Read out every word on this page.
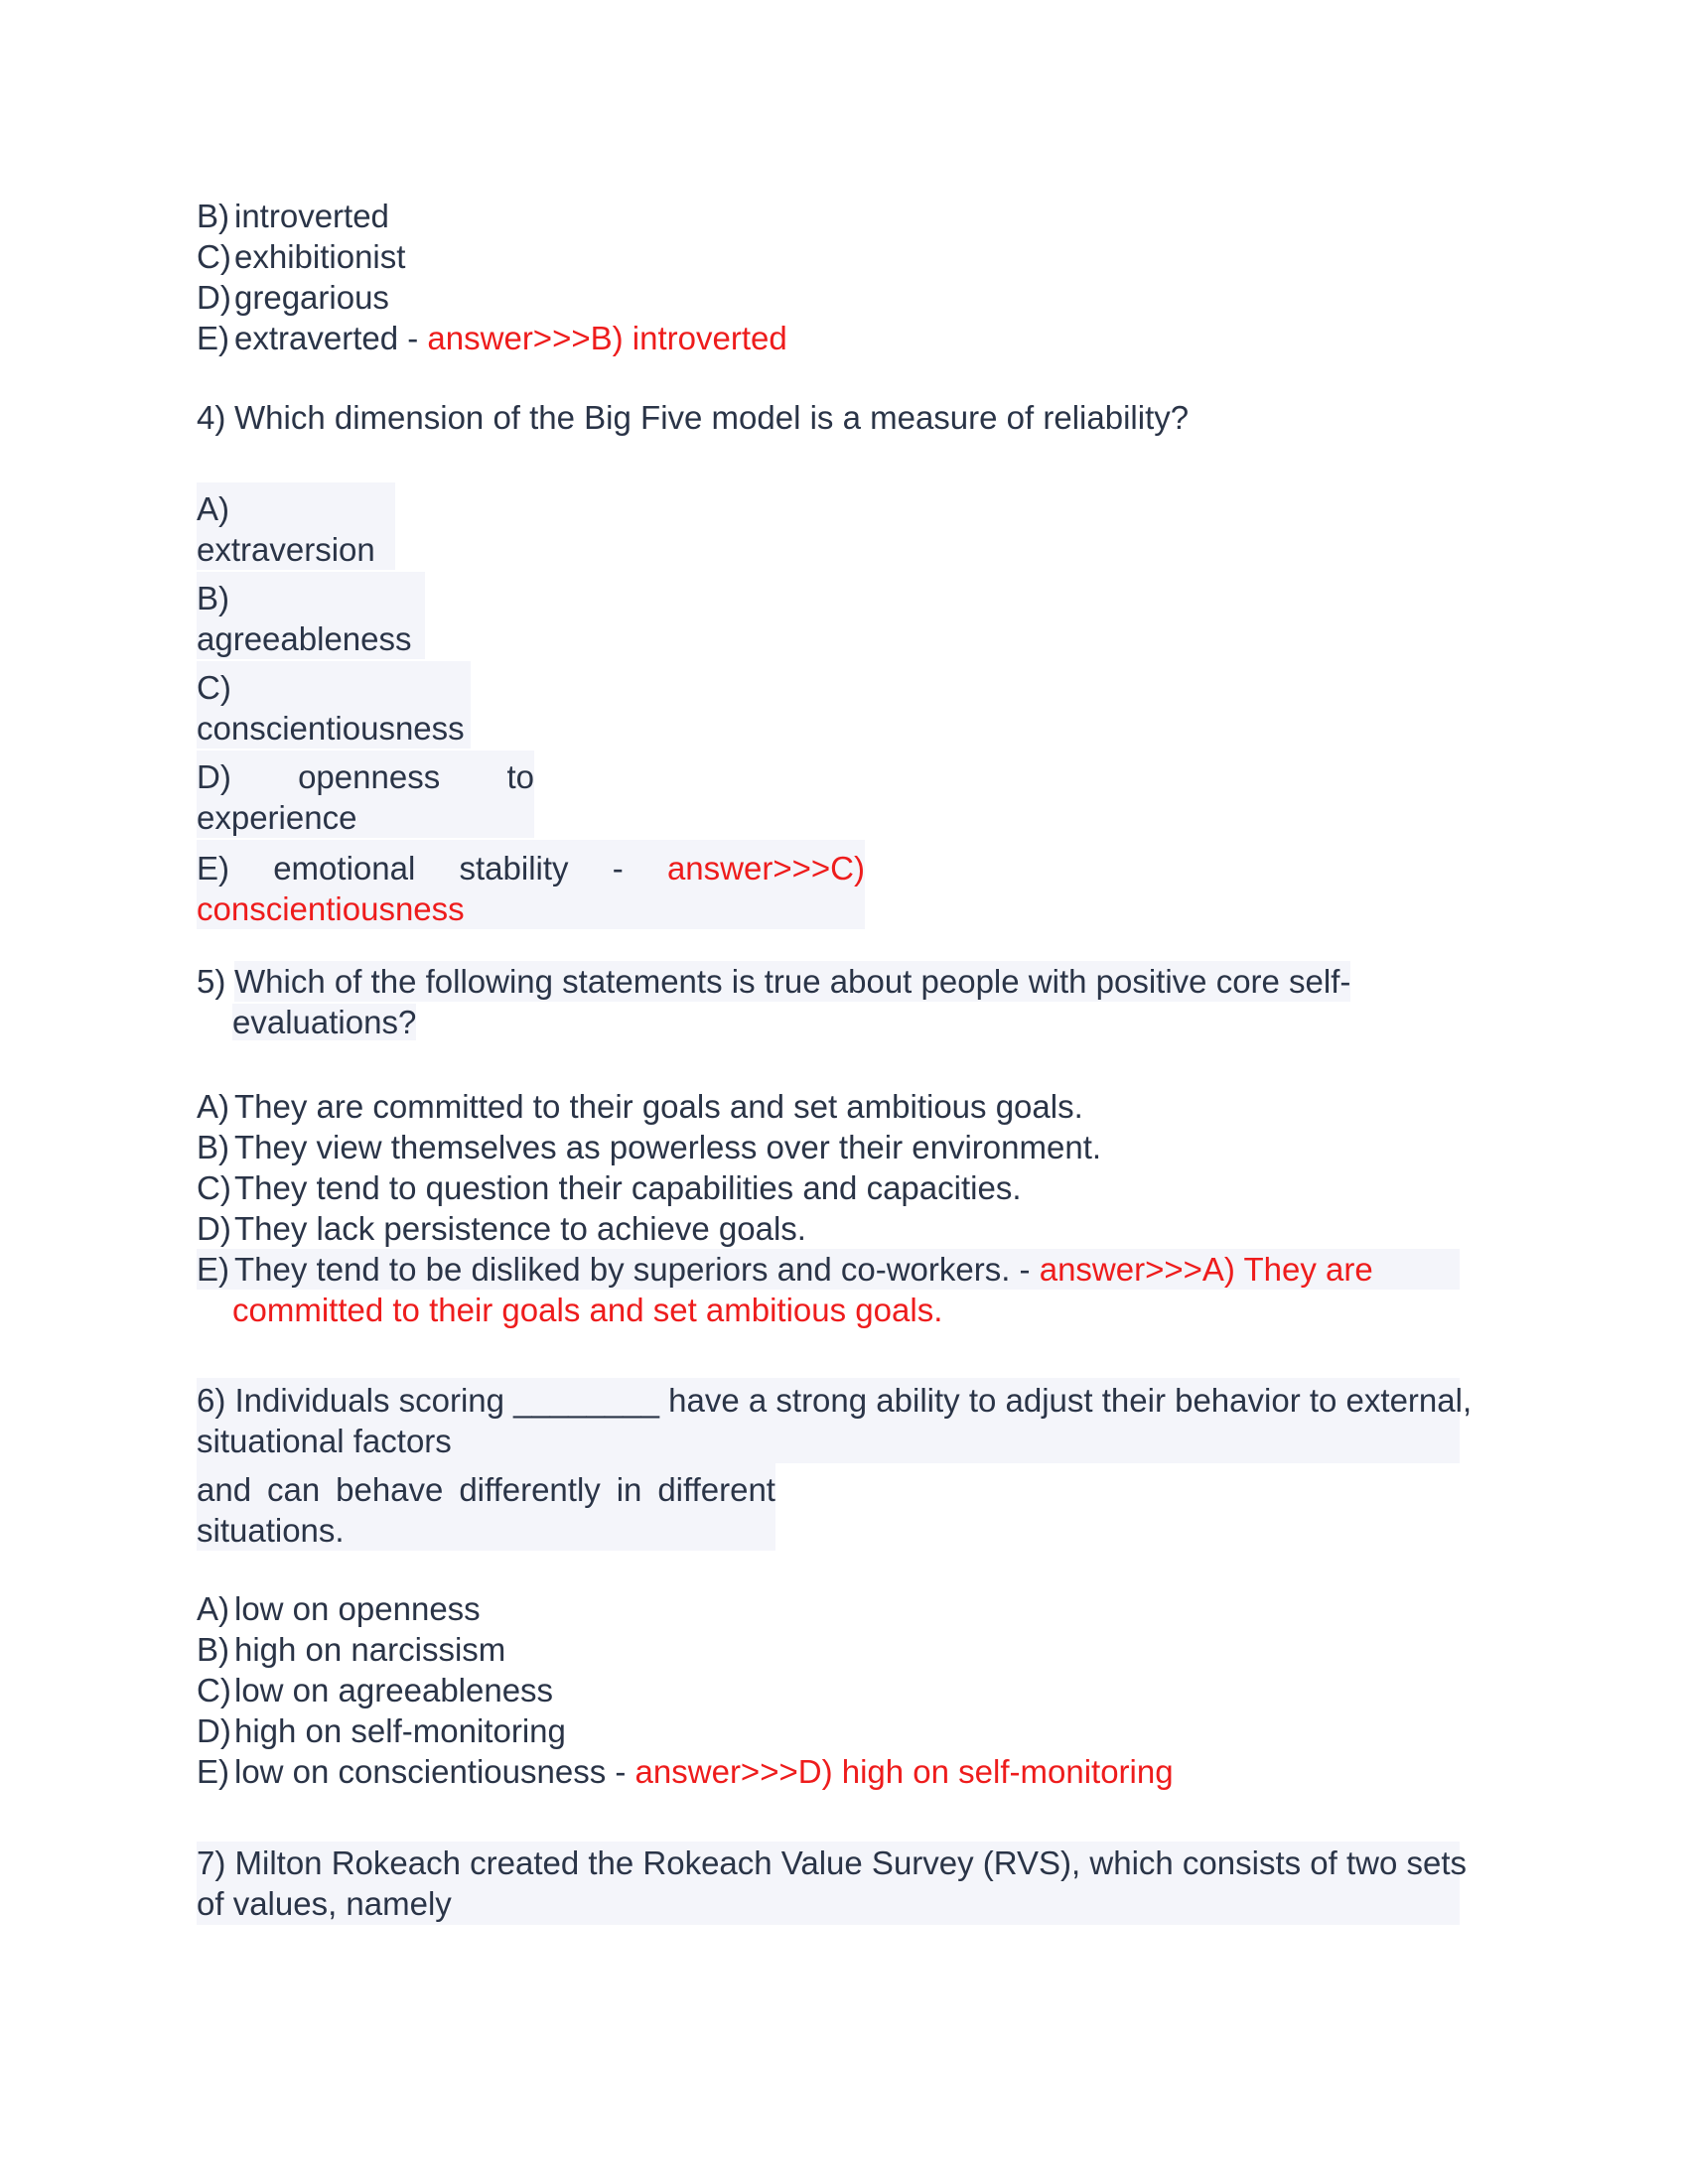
B) introverted
C) exhibitionist
D) gregarious
E) extraverted - answer>>>B) introverted
4) Which dimension of the Big Five model is a measure of reliability?
A)
extraversion
B)
agreeableness
C)
conscientiousness
D) openness to
experience
E) emotional stability - answer>>>C)
conscientiousness
5) Which of the following statements is true about people with positive core self-
evaluations?
A) They are committed to their goals and set ambitious goals.
B) They view themselves as powerless over their environment.
C) They tend to question their capabilities and capacities.
D) They lack persistence to achieve goals.
E) They tend to be disliked by superiors and co-workers. - answer>>>A) They are
committed to their goals and set ambitious goals.
6) Individuals scoring ________ have a strong ability to adjust their behavior to external,
situational factors
and can behave differently in different
situations.
A) low on openness
B) high on narcissism
C) low on agreeableness
D) high on self-monitoring
E) low on conscientiousness - answer>>>D) high on self-monitoring
7) Milton Rokeach created the Rokeach Value Survey (RVS), which consists of two sets
of values, namely
